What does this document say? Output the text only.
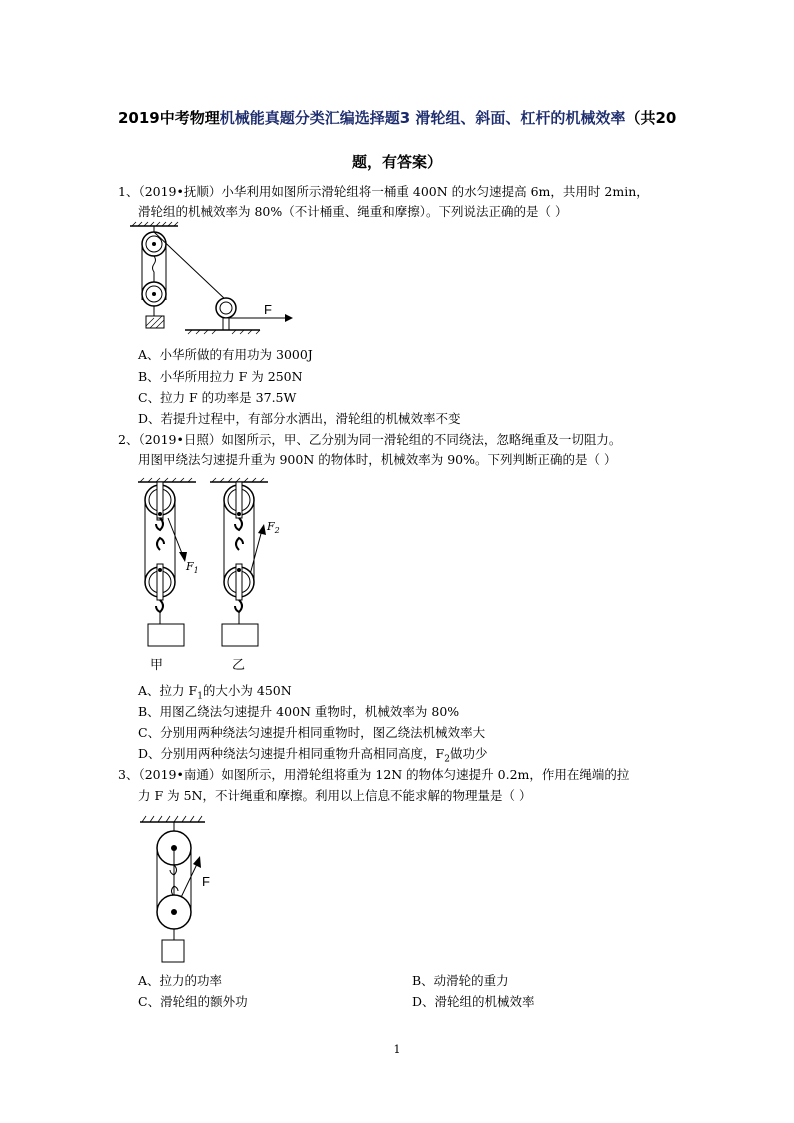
2019中考物理机械能真题分类汇编选择题3 滑轮组、斜面、杠杆的机械效率（共20
题，有答案）
1、（2019•抚顺）小华利用如图所示滑轮组将一桶重 400N 的水匀速提高 6m，共用时 2min，
滑轮组的机械效率为 80%（不计桶重、绳重和摩擦）。下列说法正确的是（ ）
F
A、小华所做的有用功为 3000J
B、小华所用拉力 F 为 250N
C、拉力 F 的功率是 37.5W
D、若提升过程中，有部分水洒出，滑轮组的机械效率不变
2、（2019•日照）如图所示，甲、乙分别为同一滑轮组的不同绕法，忽略绳重及一切阻力。
用图甲绕法匀速提升重为 900N 的物体时，机械效率为 90%。下列判断正确的是（ ）
$F_1$
$F_2$
甲	乙
A、拉力 $F_1$的大小为 450N
B、用图乙绕法匀速提升 400N 重物时，机械效率为 80%
C、分别用两种绕法匀速提升相同重物时，图乙绕法机械效率大
D、分别用两种绕法匀速提升相同重物升高相同高度，$F_2$做功少
3、（2019•南通）如图所示，用滑轮组将重为 12N 的物体匀速提升 0.2m，作用在绳端的拉
力 F 为 5N，不计绳重和摩擦。利用以上信息不能求解的物理量是（ ）
F
A、拉力的功率	B、动滑轮的重力
C、滑轮组的额外功	D、滑轮组的机械效率
1
